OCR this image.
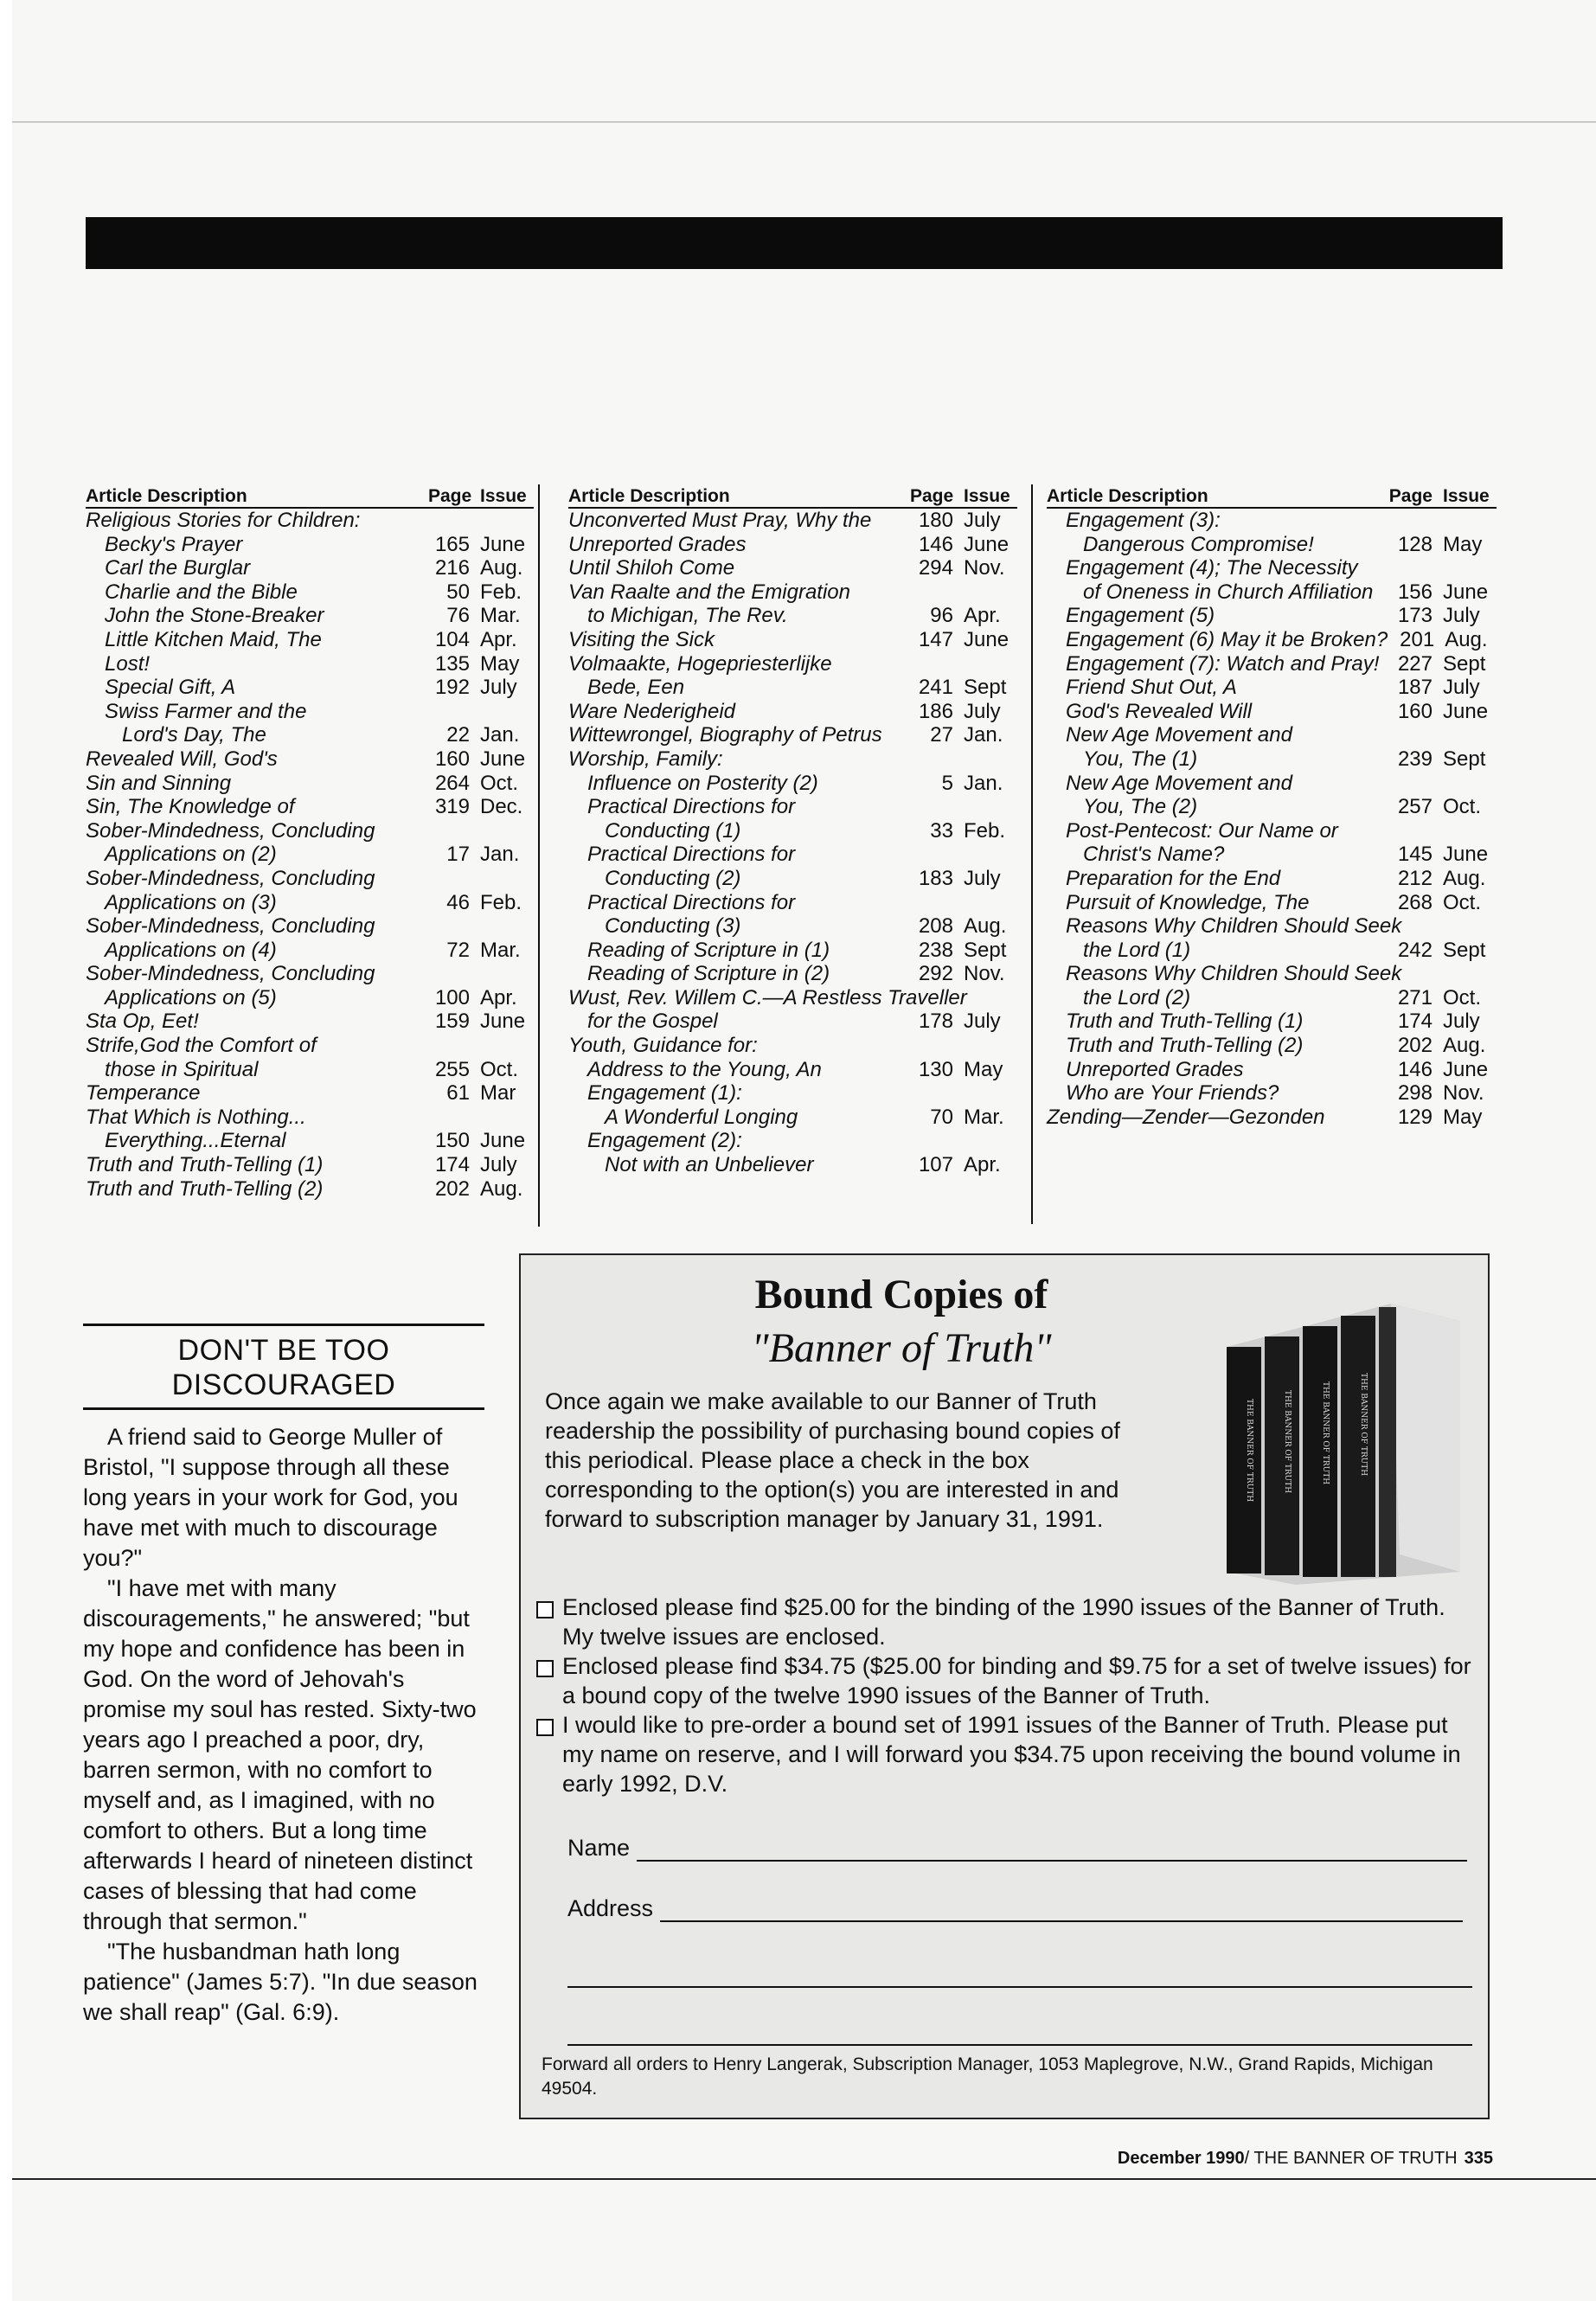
Article Description	Page Issue
Religious Stories for Children:
Becky's Prayer	165 June
Carl the Burglar	216 Aug.
Charlie and the Bible	50 Feb.
John the Stone-Breaker	76 Mar.
Little Kitchen Maid, The	104 Apr.
Lost!	135 May
Special Gift, A	192 July
Swiss Farmer and the
Lord's Day, The	22 Jan.
Revealed Will, God's	160 June
Sin and Sinning	264 Oct.
Sin, The Knowledge of	319 Dec.
Sober-Mindedness, Concluding
Applications on (2)	17 Jan.
Sober-Mindedness, Concluding
Applications on (3)	46 Feb.
Sober-Mindedness, Concluding
Applications on (4)	72 Mar.
Sober-Mindedness, Concluding
Applications on (5)	100 Apr.
Sta Op, Eet!	159 June
Strife,God the Comfort of
those in Spiritual	255 Oct.
Temperance	61 Mar
That Which is Nothing...
Everything...Eternal	150 June
Truth and Truth-Telling (1)	174 July
Truth and Truth-Telling (2)	202 Aug.
Article Description	Page Issue
Unconverted Must Pray, Why the	180 July
Unreported Grades	146 June
Until Shiloh Come	294 Nov.
Van Raalte and the Emigration
to Michigan, The Rev.	96 Apr.
Visiting the Sick	147 June
Volmaakte, Hogepriesterlijke
Bede, Een	241 Sept
Ware Nederigheid	186 July
Wittewrongel, Biography of Petrus	27 Jan.
Worship, Family:
Influence on Posterity (2)	5 Jan.
Practical Directions for
Conducting (1)	33 Feb.
Practical Directions for
Conducting (2)	183 July
Practical Directions for
Conducting (3)	208 Aug.
Reading of Scripture in (1)	238 Sept
Reading of Scripture in (2)	292 Nov.
Wust, Rev. Willem C.—A Restless Traveller
for the Gospel	178 July
Youth, Guidance for:
Address to the Young, An	130 May
Engagement (1):
A Wonderful Longing	70 Mar.
Engagement (2):
Not with an Unbeliever	107 Apr.
Article Description	Page Issue
Engagement (3):
Dangerous Compromise!	128 May
Engagement (4); The Necessity
of Oneness in Church Affiliation	156 June
Engagement (5)	173 July
Engagement (6) May it be Broken? 201 Aug.
Engagement (7): Watch and Pray! 227 Sept
Friend Shut Out, A	187 July
God's Revealed Will	160 June
New Age Movement and
You, The (1)	239 Sept
New Age Movement and
You, The (2)	257 Oct.
Post-Pentecost: Our Name or
Christ's Name?	145 June
Preparation for the End	212 Aug.
Pursuit of Knowledge, The	268 Oct.
Reasons Why Children Should Seek
the Lord (1)	242 Sept
Reasons Why Children Should Seek
the Lord (2)	271 Oct.
Truth and Truth-Telling (1)	174 July
Truth and Truth-Telling (2)	202 Aug.
Unreported Grades	146 June
Who are Your Friends?	298 Nov.
Zending—Zender—Gezonden	129 May
DON'T BE TOO
DISCOURAGED

A friend said to George Muller of Bristol, "I suppose through all these long years in your work for God, you have met with much to discourage you?"

"I have met with many discouragements," he answered; "but my hope and confidence has been in God. On the word of Jehovah's promise my soul has rested. Sixty-two years ago I preached a poor, dry, barren sermon, with no comfort to myself and, as I imagined, with no comfort to others. But a long time afterwards I heard of nineteen distinct cases of blessing that had come through that sermon."

"The husbandman hath long patience" (James 5:7). "In due season we shall reap" (Gal. 6:9).

Bound Copies of
"Banner of Truth"
Once again we make available to our Banner of Truth readership the possibility of purchasing bound copies of this periodical. Please place a check in the box corresponding to the option(s) you are interested in and forward to subscription manager by January 31, 1991.
THE BANNER OF TRUTH	THE BANNER OF TRUTH	THE BANNER OF TRUTH	THE BANNER OF TRUTH
Enclosed please find $25.00 for the binding of the 1990 issues of the Banner of Truth. My twelve issues are enclosed.
Enclosed please find $34.75 ($25.00 for binding and $9.75 for a set of twelve issues) for a bound copy of the twelve 1990 issues of the Banner of Truth.
I would like to pre-order a bound set of 1991 issues of the Banner of Truth. Please put my name on reserve, and I will forward you $34.75 upon receiving the bound volume in early 1992, D.V.
Name
Address
Forward all orders to Henry Langerak, Subscription Manager, 1053 Maplegrove, N.W., Grand Rapids, Michigan 49504.
December 1990/ THE BANNER OF TRUTH 335
